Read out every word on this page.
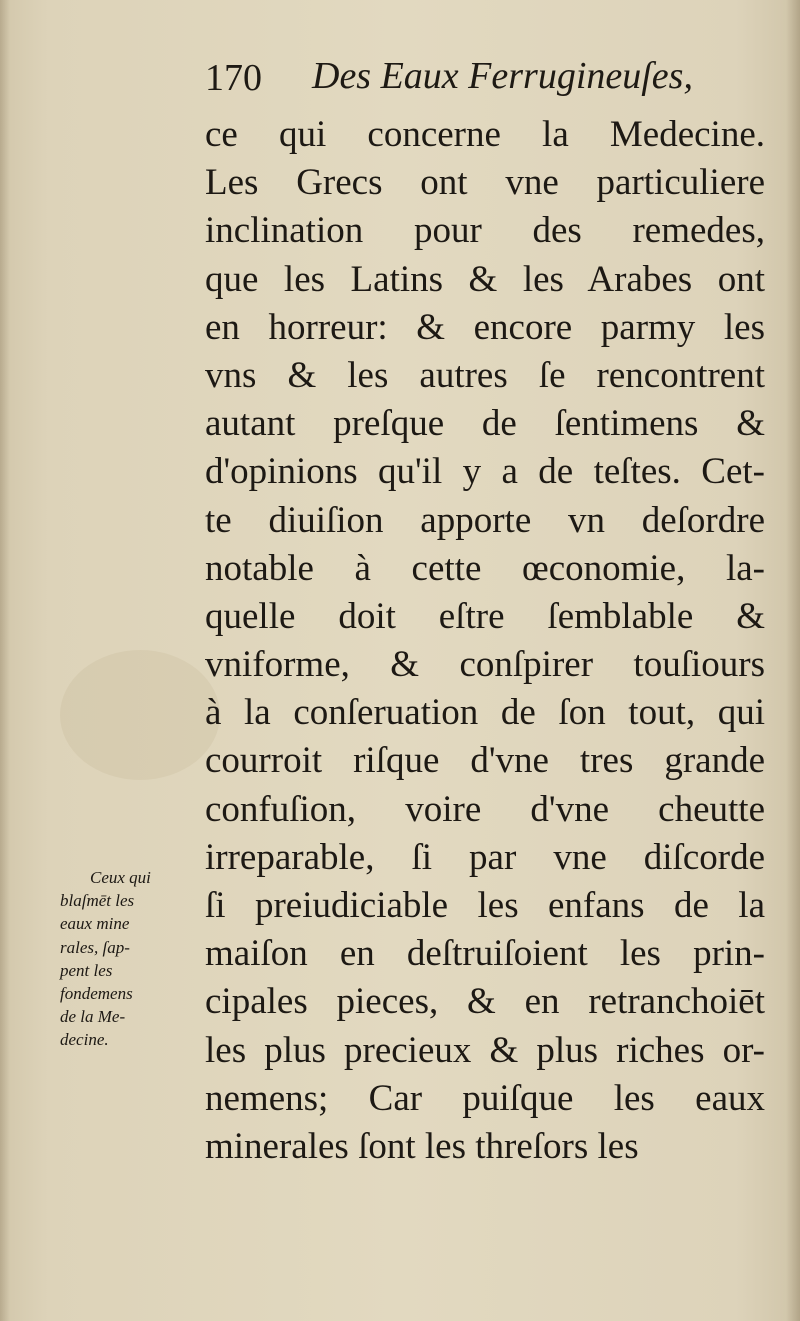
170 Des Eaux Ferrugineuſes,
ce qui concerne la Medecine.
Les Grecs ont vne particuliere
inclination pour des remedes,
que les Latins & les Arabes ont
en horreur: & encore parmy les
vns & les autres ſe rencontrent
autant preſque de ſentimens &
d'opinions qu'il y a de teſtes. Cet-
te diuiſion apporte vn deſordre
notable à cette œconomie, la-
quelle doit eſtre ſemblable &
vniforme, & conſpirer touſiours
à la conſeruation de ſon tout, qui
courroit riſque d'vne tres grande
confuſion, voire d'vne cheutte
irreparable, ſi par vne diſcorde
ſi preiudiciable les enfans de la
maiſon en deſtruiſoient les prin-
cipales pieces, & en retranchoiēt
les plus precieux & plus riches or-
nemens; Car puiſque les eaux
minerales ſont les threſors les
Ceux qui
blaſmēt les
eaux mine
rales, ſap-
pent les
fondemens
de la Me-
decine.
